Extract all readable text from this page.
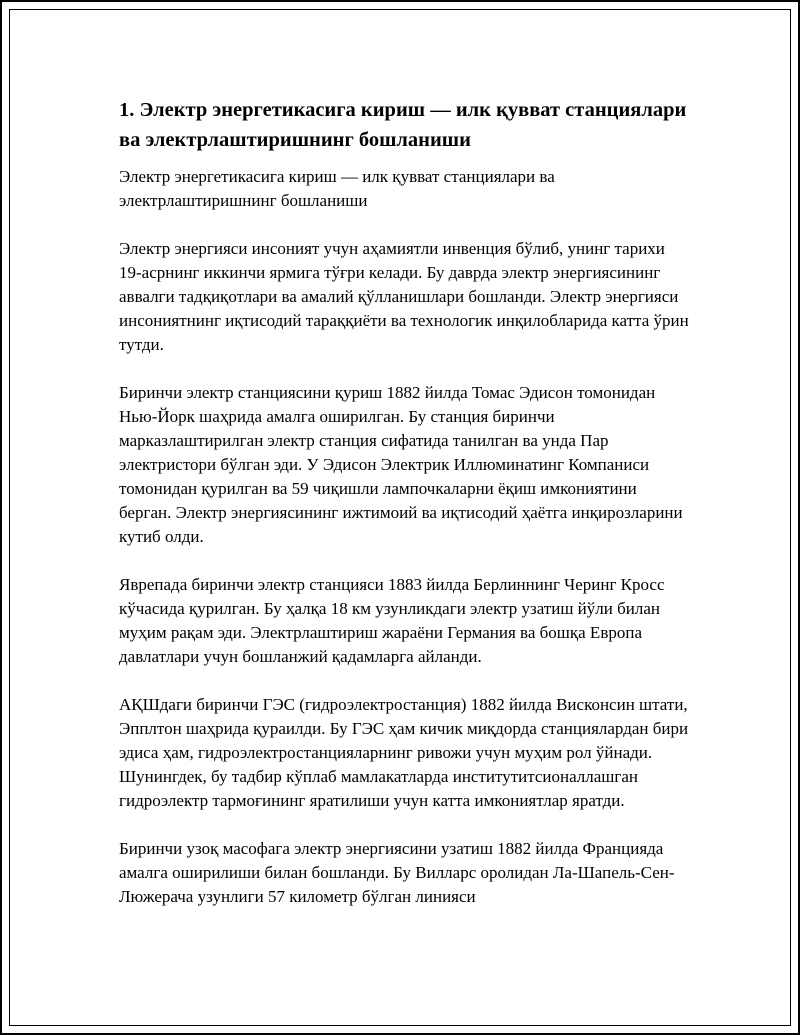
1. Электр энергетикасига кириш — илк қувват станциялари ва электрлаштиришнинг бошланиши
Электр энергетикасига кириш — илк қувват станциялари ва электрлаштиришнинг бошланиши

Электр энергияси инсоният учун аҳамиятли инвенция бўлиб, унинг тарихи 19-асрнинг иккинчи ярмига тўғри келади. Бу даврда электр энергиясининг аввалги тадқиқотлари ва амалий қўлланишлари бошланди. Электр энергияси инсониятнинг иқтисодий тараққиёти ва технологик инқилобларида катта ўрин тутди.

Биринчи электр станциясини қуриш 1882 йилда Томас Эдисон томонидан Нью-Йорк шаҳрида амалга оширилган. Бу станция биринчи марказлаштирилган электр станция сифатида танилган ва унда Пар электристори бўлган эди. У Эдисон Электрик Иллюминатинг Компаниси томонидан қурилган ва 59 чиқишли лампочкаларни ёқиш имкониятини берган. Электр энергиясининг ижтимоий ва иқтисодий ҳаётга инқирозларини кутиб олди.

Яврепада биринчи электр станцияси 1883 йилда Берлиннинг Черинг Кросс кўчасида қурилган. Бу ҳалқа 18 км узунликдаги электр узатиш йўли билан муҳим рақам эди. Электрлаштириш жараёни Германия ва бошқа Европа давлатлари учун бошланжий қадамларга айланди.

АҚШдаги биринчи ГЭС (гидроэлектростанция) 1882 йилда Висконсин штати, Эпплтон шаҳрида қураилди. Бу ГЭС ҳам кичик миқдорда станциялардан бири эдиса ҳам, гидроэлектростанцияларнинг ривожи учун муҳим рол ўйнади. Шунингдек, бу тадбир кўплаб мамлакатларда институтитсионаллашган гидроэлектр тармоғининг яратилиши учун катта имкониятлар яратди.

Биринчи узоқ масофага электр энергиясини узатиш 1882 йилда Францияда амалга оширилиши билан бошланди. Бу Вилларс оролидан Ла-Шапель-Сен-Люжерача узунлиги 57 километр бўлган линияси
